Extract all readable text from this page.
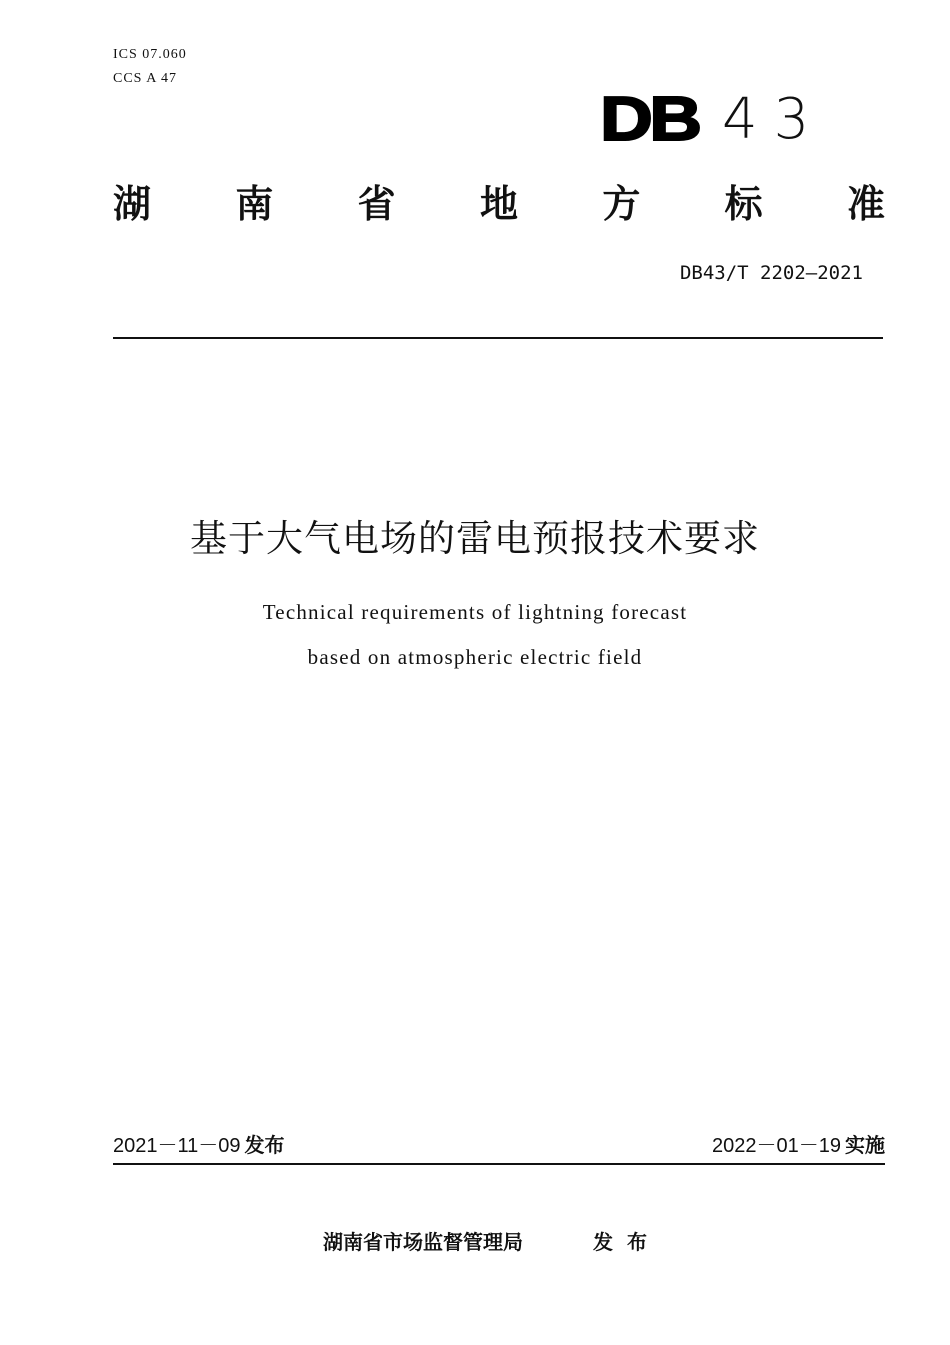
ICS 07.060
CCS A 47
DB 43
湖 南 省 地 方 标 准
DB43/T 2202—2021
基于大气电场的雷电预报技术要求
Technical requirements of lightning forecast
based on atmospheric electric field
2021－11－09 发布	2022－01－19 实施
湖南省市场监督管理局	发布
